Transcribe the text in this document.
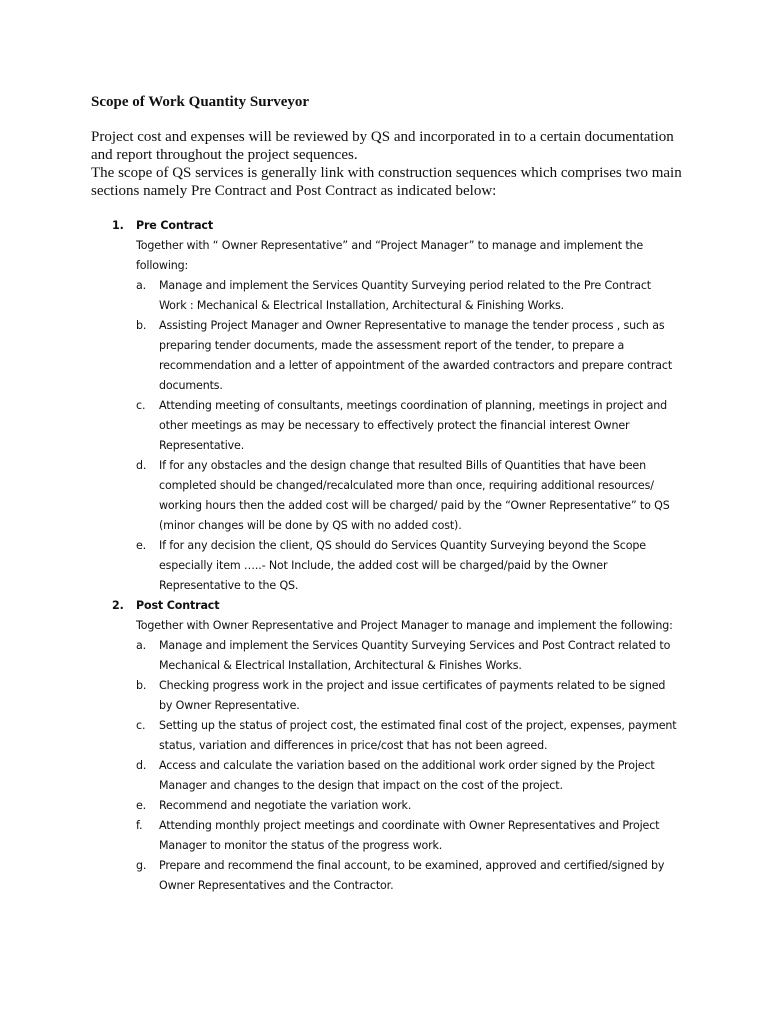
Scope of Work Quantity Surveyor

Project cost and expenses will be reviewed by QS and incorporated in to a certain documentation and report throughout the project sequences.

The scope of QS services is generally link with construction sequences which comprises two main sections namely Pre Contract and Post Contract as indicated below:

1. Pre Contract
Together with “ Owner Representative” and “Project Manager” to manage and implement the following:
a. Manage and implement the Services Quantity Surveying period related to the Pre Contract Work : Mechanical & Electrical Installation, Architectural & Finishing Works.
b. Assisting Project Manager and Owner Representative to manage the tender process , such as preparing tender documents, made the assessment report of the tender, to prepare a recommendation and a letter of appointment of the awarded contractors and prepare contract documents.
c. Attending meeting of consultants, meetings coordination of planning, meetings in project and other meetings as may be necessary to effectively protect the financial interest Owner Representative.
d. If for any obstacles and the design change that resulted Bills of Quantities that have been completed should be changed/recalculated more than once, requiring additional resources/ working hours then the added cost will be charged/ paid by the “Owner Representative” to QS (minor changes will be done by QS with no added cost).
e. If for any decision the client, QS should do Services Quantity Surveying beyond the Scope especially item …..- Not Include, the added cost will be charged/paid by the Owner Representative to the QS.
2. Post Contract
Together with Owner Representative and Project Manager to manage and implement the following:
a. Manage and implement the Services Quantity Surveying Services and Post Contract related to Mechanical & Electrical Installation, Architectural & Finishes Works.
b. Checking progress work in the project and issue certificates of payments related to be signed by Owner Representative.
c. Setting up the status of project cost, the estimated final cost of the project, expenses, payment status, variation and differences in price/cost that has not been agreed.
d. Access and calculate the variation based on the additional work order signed by the Project Manager and changes to the design that impact on the cost of the project.
e. Recommend and negotiate the variation work.
f. Attending monthly project meetings and coordinate with Owner Representatives and Project Manager to monitor the status of the progress work.
g. Prepare and recommend the final account, to be examined, approved and certified/signed by Owner Representatives and the Contractor.
